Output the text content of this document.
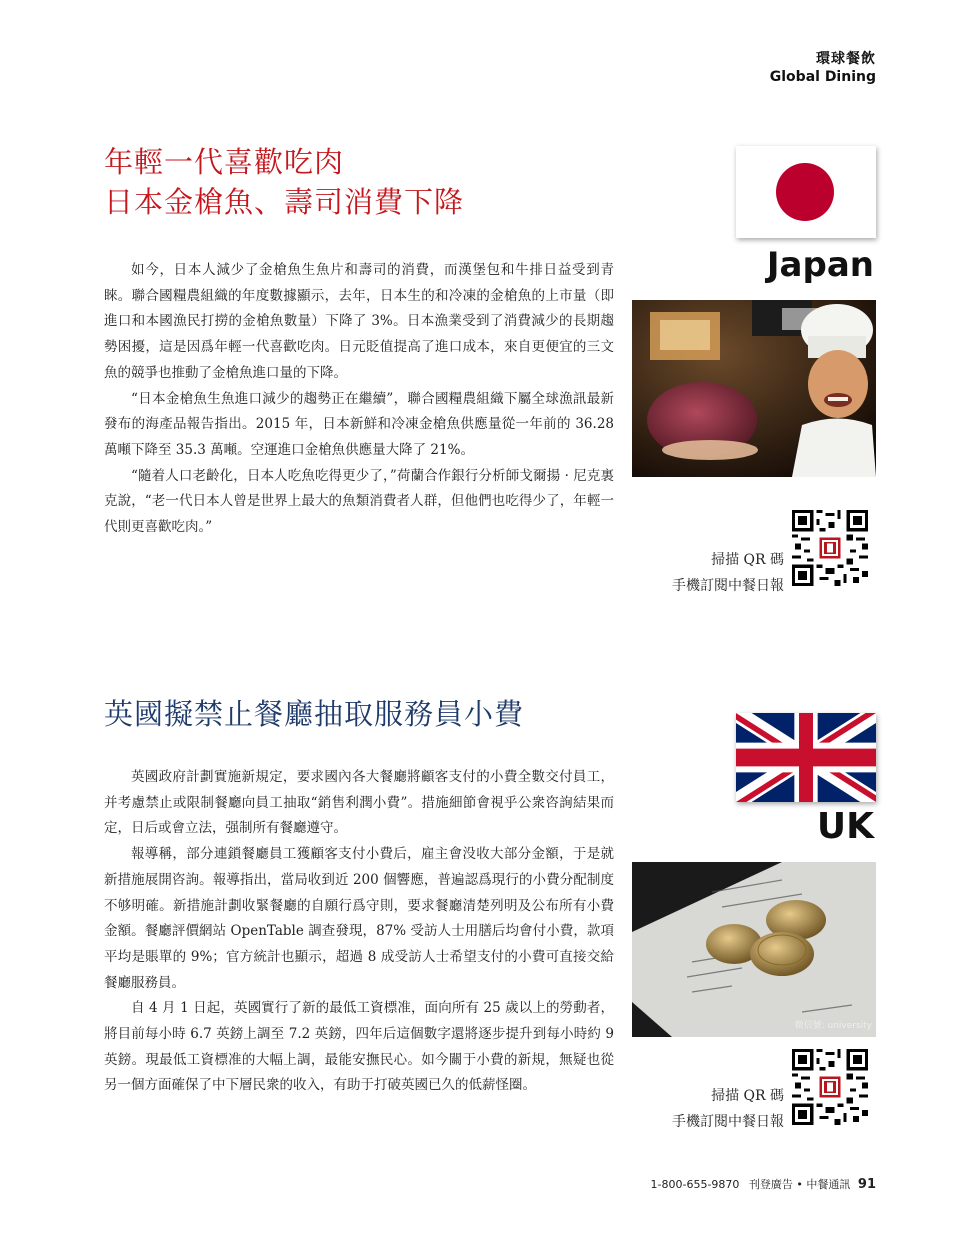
環球餐飲
Global Dining
年輕一代喜歡吃肉
日本金槍魚、壽司消費下降

如今，日本人減少了金槍魚生魚片和壽司的消費，而漢堡包和牛排日益受到青睞。聯合國糧農組織的年度數據顯示，去年，日本生的和冷凍的金槍魚的上市量（即進口和本國漁民打撈的金槍魚數量）下降了 3%。日本漁業受到了消費減少的長期趨勢困擾，這是因爲年輕一代喜歡吃肉。日元貶值提高了進口成本，來自更便宜的三文魚的競爭也推動了金槍魚進口量的下降。

“日本金槍魚生魚進口減少的趨勢正在繼續”，聯合國糧農組織下屬全球漁訊最新發布的海產品報告指出。2015 年，日本新鮮和冷凍金槍魚供應量從一年前的 36.28 萬噸下降至 35.3 萬噸。空運進口金槍魚供應量大降了 21%。

“隨着人口老齡化，日本人吃魚吃得更少了，”荷蘭合作銀行分析師戈爾揚 · 尼克裏克說，“老一代日本人曾是世界上最大的魚類消費者人群，但他們也吃得少了，年輕一代則更喜歡吃肉。”

Japan
掃描 QR 碼
手機訂閱中餐日報
英國擬禁止餐廳抽取服務員小費

英國政府計劃實施新規定，要求國內各大餐廳將顧客支付的小費全數交付員工，并考慮禁止或限制餐廳向員工抽取“銷售利潤小費”。措施細節會視乎公衆咨詢結果而定，日后或會立法，强制所有餐廳遵守。

報導稱，部分連鎖餐廳員工獲顧客支付小費后，雇主會没收大部分金額，于是就新措施展開咨詢。報導指出，當局收到近 200 個響應，普遍認爲現行的小費分配制度不够明確。新措施計劃收緊餐廳的自願行爲守則，要求餐廳清楚列明及公布所有小費金額。餐廳評價網站 OpenTable 調查發現，87% 受訪人士用膳后均會付小費，款項平均是賬單的 9%；官方統計也顯示，超過 8 成受訪人士希望支付的小費可直接交給餐廳服務員。

自 4 月 1 日起，英國實行了新的最低工資標准，面向所有 25 歲以上的勞動者，將目前每小時 6.7 英鎊上調至 7.2 英鎊，四年后這個數字還將逐步提升到每小時約 9 英鎊。現最低工資標准的大幅上調，最能安撫民心。如今關于小費的新規，無疑也從另一個方面確保了中下層民衆的收入，有助于打破英國已久的低薪怪圈。

UK
微信號: university
掃描 QR 碼
手機訂閱中餐日報
1-800-655-9870 刊登廣告 • 中餐通訊 91
